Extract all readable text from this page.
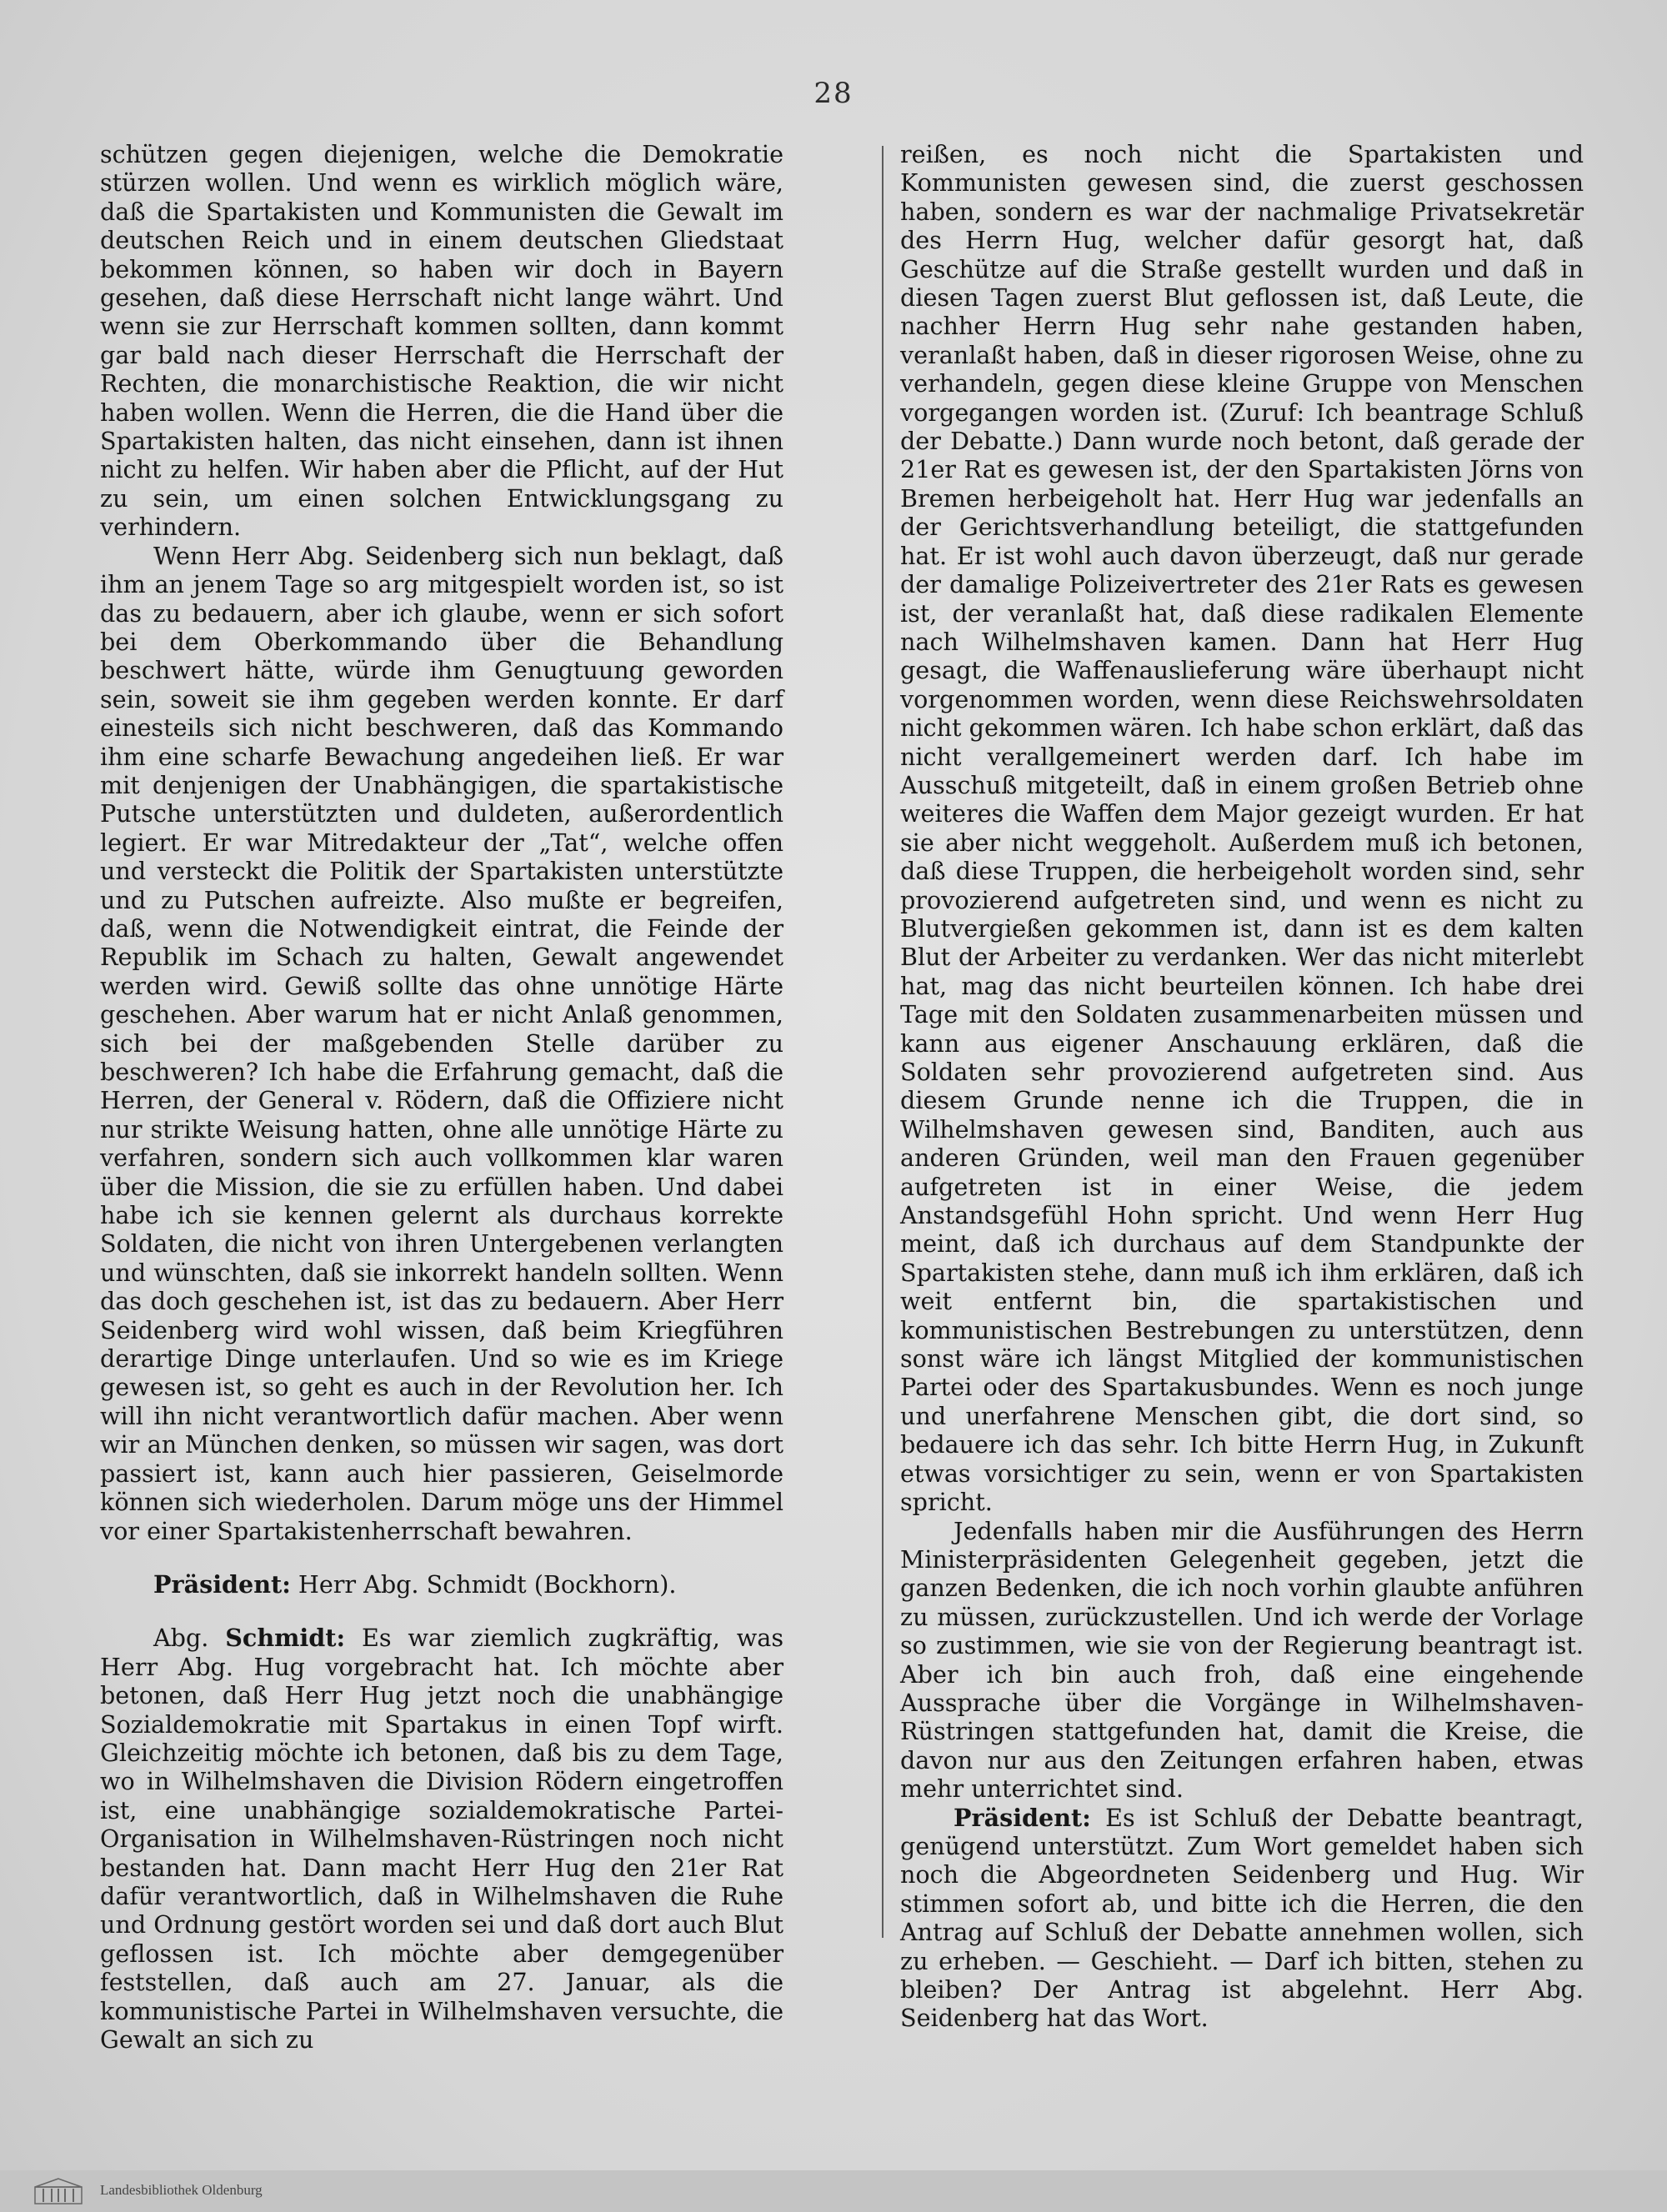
28

schützen gegen diejenigen, welche die Demokratie stürzen wollen. Und wenn es wirklich möglich wäre, daß die Spartakisten und Kommunisten die Gewalt im deutschen Reich und in einem deutschen Gliedstaat bekommen können, so haben wir doch in Bayern gesehen, daß diese Herrschaft nicht lange währt. Und wenn sie zur Herrschaft kommen sollten, dann kommt gar bald nach dieser Herrschaft die Herrschaft der Rechten, die monarchistische Reaktion, die wir nicht haben wollen. Wenn die Herren, die die Hand über die Spartakisten halten, das nicht einsehen, dann ist ihnen nicht zu helfen. Wir haben aber die Pflicht, auf der Hut zu sein, um einen solchen Entwicklungsgang zu verhindern.

Wenn Herr Abg. Seidenberg sich nun beklagt, daß ihm an jenem Tage so arg mitgespielt worden ist, so ist das zu bedauern, aber ich glaube, wenn er sich sofort bei dem Oberkommando über die Behandlung beschwert hätte, würde ihm Genugtuung geworden sein, soweit sie ihm gegeben werden konnte. Er darf einesteils sich nicht beschweren, daß das Kommando ihm eine scharfe Bewachung angedeihen ließ. Er war mit denjenigen der Unabhängigen, die spartakistische Putsche unterstützten und duldeten, außerordentlich legiert. Er war Mitredakteur der „Tat“, welche offen und versteckt die Politik der Spartakisten unterstützte und zu Putschen aufreizte. Also mußte er begreifen, daß, wenn die Notwendigkeit eintrat, die Feinde der Republik im Schach zu halten, Gewalt angewendet werden wird. Gewiß sollte das ohne unnötige Härte geschehen. Aber warum hat er nicht Anlaß genommen, sich bei der maßgebenden Stelle darüber zu beschweren? Ich habe die Erfahrung gemacht, daß die Herren, der General v. Rödern, daß die Offiziere nicht nur strikte Weisung hatten, ohne alle unnötige Härte zu verfahren, sondern sich auch vollkommen klar waren über die Mission, die sie zu erfüllen haben. Und dabei habe ich sie kennen gelernt als durchaus korrekte Soldaten, die nicht von ihren Untergebenen verlangten und wünschten, daß sie inkorrekt handeln sollten. Wenn das doch geschehen ist, ist das zu bedauern. Aber Herr Seidenberg wird wohl wissen, daß beim Kriegführen derartige Dinge unterlaufen. Und so wie es im Kriege gewesen ist, so geht es auch in der Revolution her. Ich will ihn nicht verantwortlich dafür machen. Aber wenn wir an München denken, so müssen wir sagen, was dort passiert ist, kann auch hier passieren, Geiselmorde können sich wiederholen. Darum möge uns der Himmel vor einer Spartakistenherrschaft bewahren.

Präsident: Herr Abg. Schmidt (Bockhorn).

Abg. Schmidt: Es war ziemlich zugkräftig, was Herr Abg. Hug vorgebracht hat. Ich möchte aber betonen, daß Herr Hug jetzt noch die unabhängige Sozialdemokratie mit Spartakus in einen Topf wirft. Gleichzeitig möchte ich betonen, daß bis zu dem Tage, wo in Wilhelmshaven die Division Rödern eingetroffen ist, eine unabhängige sozialdemokratische Partei-Organisation in Wilhelmshaven-Rüstringen noch nicht bestanden hat. Dann macht Herr Hug den 21er Rat dafür verantwortlich, daß in Wilhelmshaven die Ruhe und Ordnung gestört worden sei und daß dort auch Blut geflossen ist. Ich möchte aber demgegenüber feststellen, daß auch am 27. Januar, als die kommunistische Partei in Wilhelmshaven versuchte, die Gewalt an sich zu

reißen, es noch nicht die Spartakisten und Kommunisten gewesen sind, die zuerst geschossen haben, sondern es war der nachmalige Privatsekretär des Herrn Hug, welcher dafür gesorgt hat, daß Geschütze auf die Straße gestellt wurden und daß in diesen Tagen zuerst Blut geflossen ist, daß Leute, die nachher Herrn Hug sehr nahe gestanden haben, veranlaßt haben, daß in dieser rigorosen Weise, ohne zu verhandeln, gegen diese kleine Gruppe von Menschen vorgegangen worden ist. (Zuruf: Ich beantrage Schluß der Debatte.) Dann wurde noch betont, daß gerade der 21er Rat es gewesen ist, der den Spartakisten Jörns von Bremen herbeigeholt hat. Herr Hug war jedenfalls an der Gerichtsverhandlung beteiligt, die stattgefunden hat. Er ist wohl auch davon überzeugt, daß nur gerade der damalige Polizeivertreter des 21er Rats es gewesen ist, der veranlaßt hat, daß diese radikalen Elemente nach Wilhelmshaven kamen. Dann hat Herr Hug gesagt, die Waffenauslieferung wäre überhaupt nicht vorgenommen worden, wenn diese Reichswehrsoldaten nicht gekommen wären. Ich habe schon erklärt, daß das nicht verallgemeinert werden darf. Ich habe im Ausschuß mitgeteilt, daß in einem großen Betrieb ohne weiteres die Waffen dem Major gezeigt wurden. Er hat sie aber nicht weggeholt. Außerdem muß ich betonen, daß diese Truppen, die herbeigeholt worden sind, sehr provozierend aufgetreten sind, und wenn es nicht zu Blutvergießen gekommen ist, dann ist es dem kalten Blut der Arbeiter zu verdanken. Wer das nicht miterlebt hat, mag das nicht beurteilen können. Ich habe drei Tage mit den Soldaten zusammenarbeiten müssen und kann aus eigener Anschauung erklären, daß die Soldaten sehr provozierend aufgetreten sind. Aus diesem Grunde nenne ich die Truppen, die in Wilhelmshaven gewesen sind, Banditen, auch aus anderen Gründen, weil man den Frauen gegenüber aufgetreten ist in einer Weise, die jedem Anstandsgefühl Hohn spricht. Und wenn Herr Hug meint, daß ich durchaus auf dem Standpunkte der Spartakisten stehe, dann muß ich ihm erklären, daß ich weit entfernt bin, die spartakistischen und kommunistischen Bestrebungen zu unterstützen, denn sonst wäre ich längst Mitglied der kommunistischen Partei oder des Spartakusbundes. Wenn es noch junge und unerfahrene Menschen gibt, die dort sind, so bedauere ich das sehr. Ich bitte Herrn Hug, in Zukunft etwas vorsichtiger zu sein, wenn er von Spartakisten spricht.

Jedenfalls haben mir die Ausführungen des Herrn Ministerpräsidenten Gelegenheit gegeben, jetzt die ganzen Bedenken, die ich noch vorhin glaubte anführen zu müssen, zurückzustellen. Und ich werde der Vorlage so zustimmen, wie sie von der Regierung beantragt ist. Aber ich bin auch froh, daß eine eingehende Aussprache über die Vorgänge in Wilhelmshaven-Rüstringen stattgefunden hat, damit die Kreise, die davon nur aus den Zeitungen erfahren haben, etwas mehr unterrichtet sind.

Präsident: Es ist Schluß der Debatte beantragt, genügend unterstützt. Zum Wort gemeldet haben sich noch die Abgeordneten Seidenberg und Hug. Wir stimmen sofort ab, und bitte ich die Herren, die den Antrag auf Schluß der Debatte annehmen wollen, sich zu erheben. — Geschieht. — Darf ich bitten, stehen zu bleiben? Der Antrag ist abgelehnt. Herr Abg. Seidenberg hat das Wort.

Landesbibliothek Oldenburg
